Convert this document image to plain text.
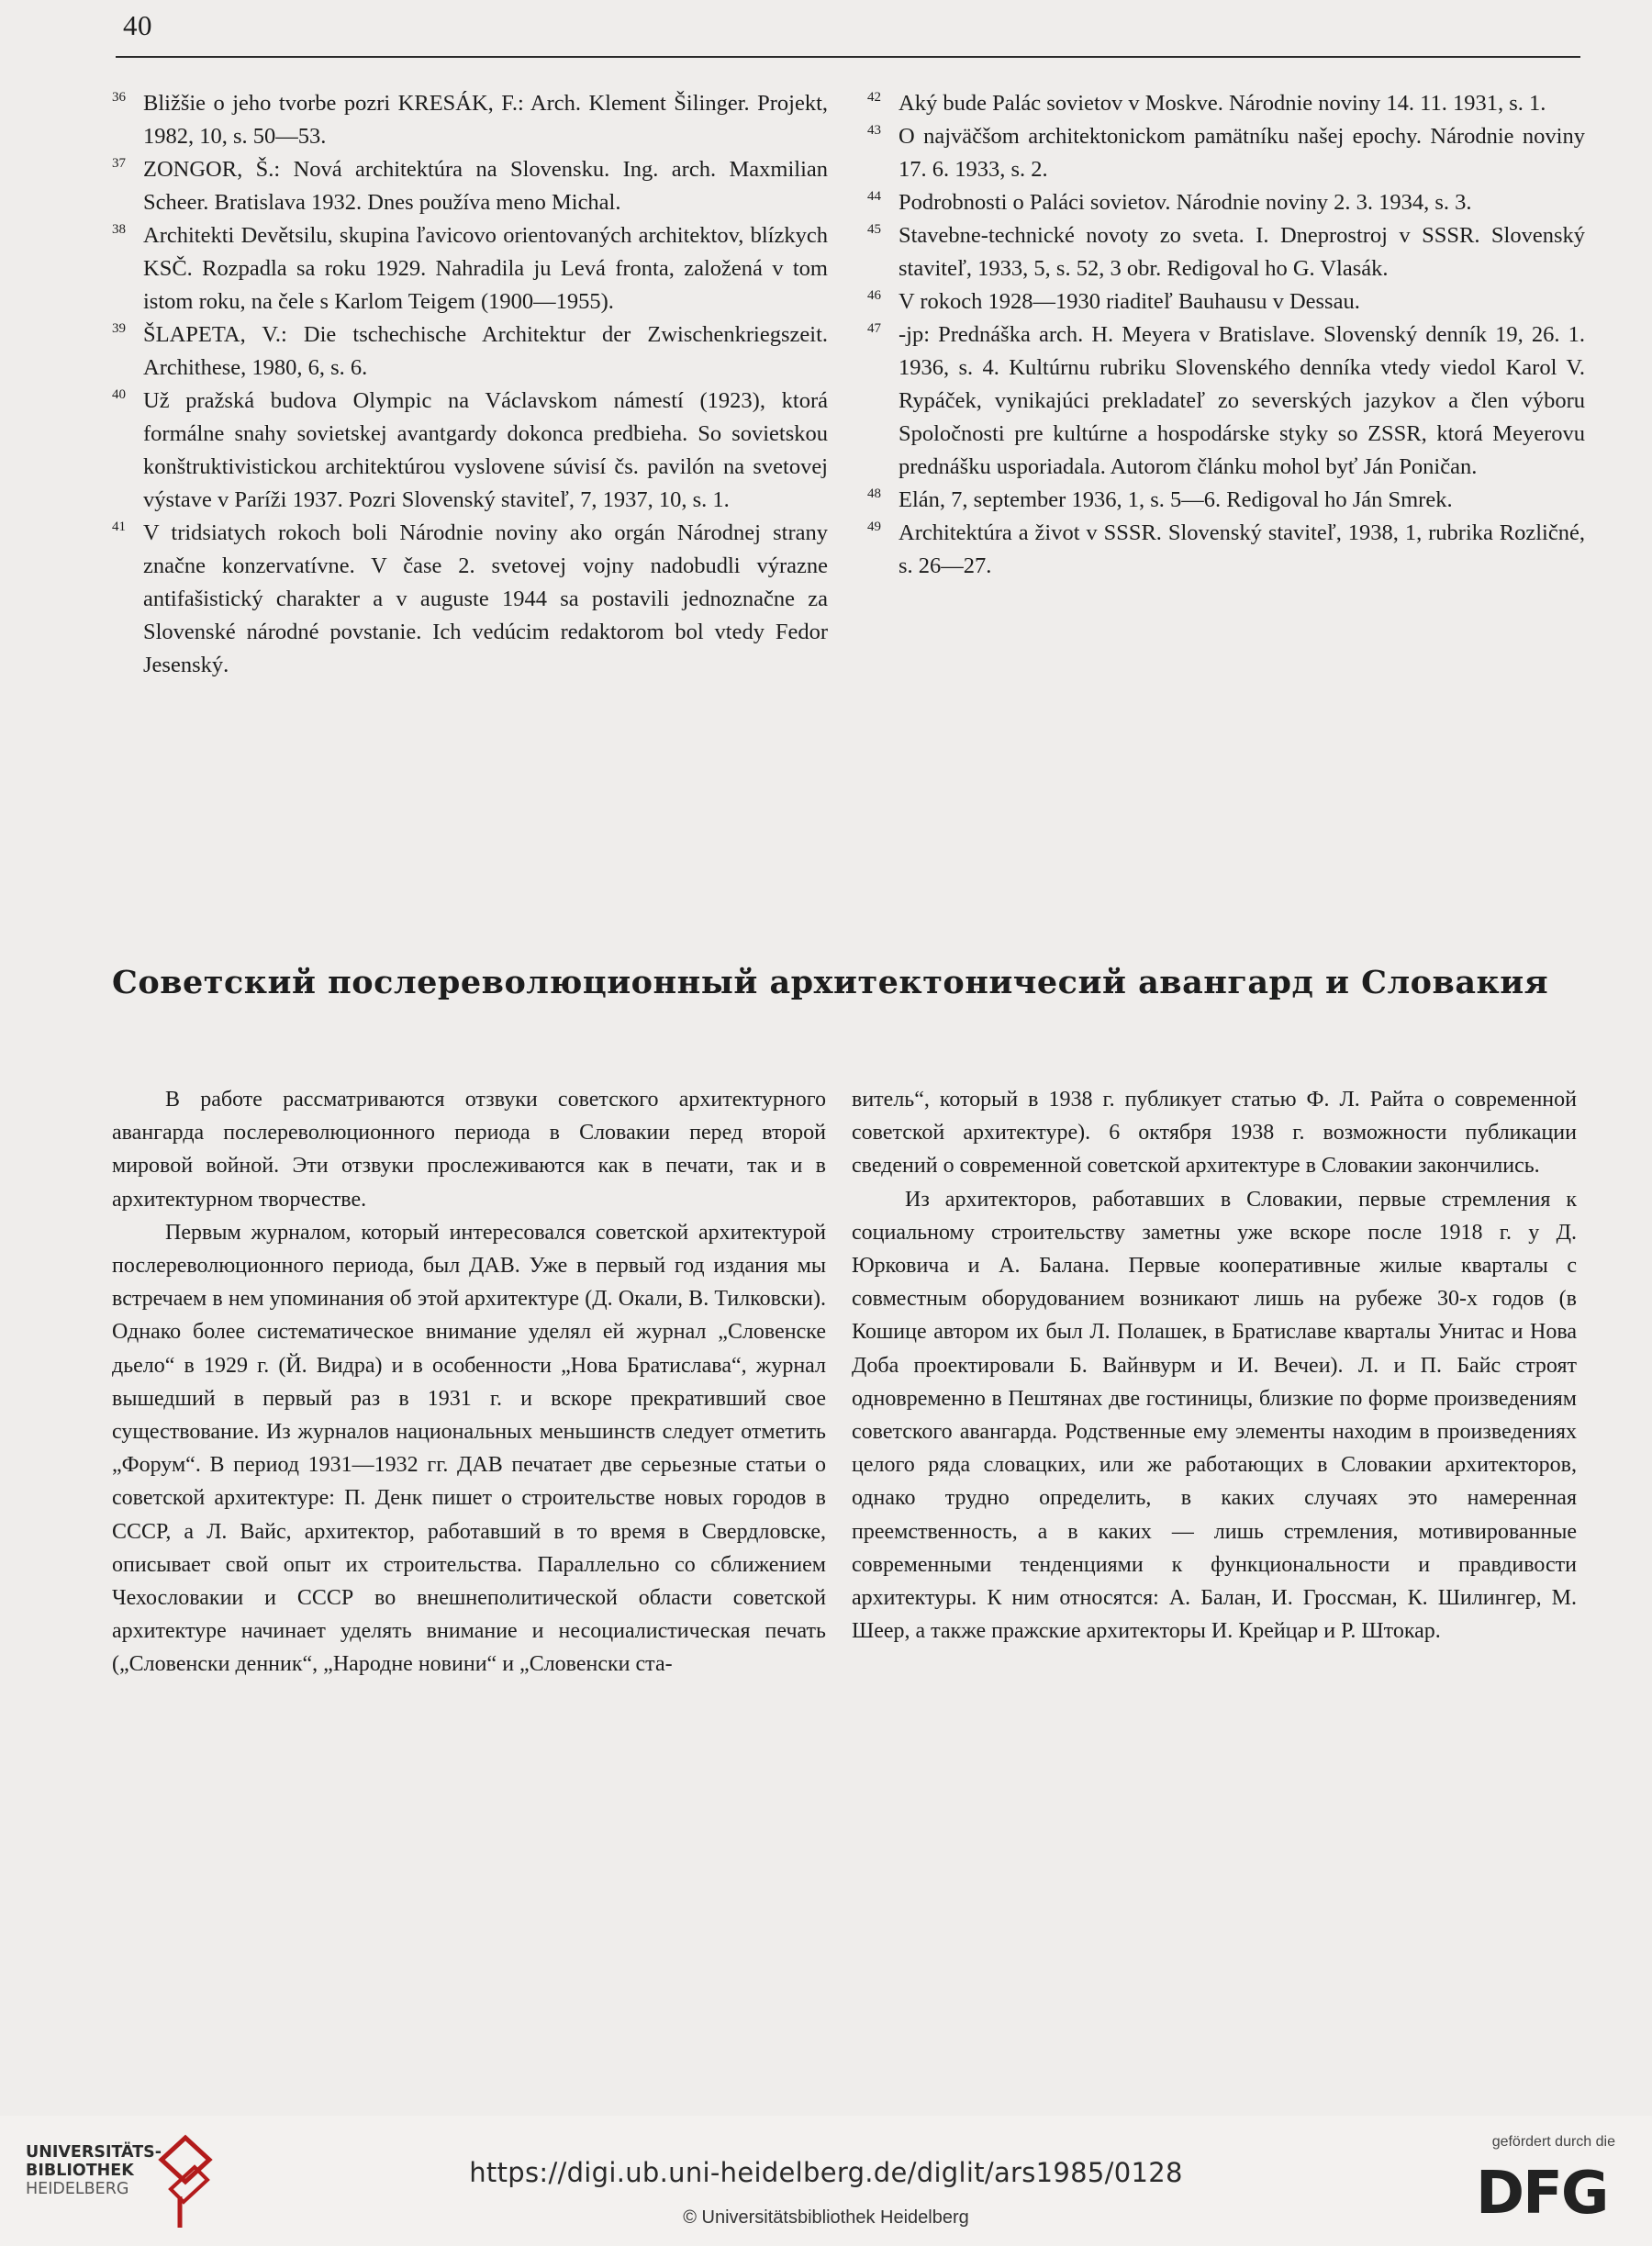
40

36 Bližšie o jeho tvorbe pozri KRESÁK, F.: Arch. Klement Šilinger. Projekt, 1982, 10, s. 50—53.

37 ZONGOR, Š.: Nová architektúra na Slovensku. Ing. arch. Maxmilian Scheer. Bratislava 1932. Dnes používa meno Michal.

38 Architekti Devětsilu, skupina ľavicovo orientovaných architektov, blízkych KSČ. Rozpadla sa roku 1929. Nahradila ju Levá fronta, založená v tom istom roku, na čele s Karlom Teigem (1900—1955).

39 ŠLAPETA, V.: Die tschechische Architektur der Zwischenkriegszeit. Archithese, 1980, 6, s. 6.

40 Už pražská budova Olympic na Václavskom námestí (1923), ktorá formálne snahy sovietskej avantgardy dokonca predbieha. So sovietskou konštruktivistickou architektúrou vyslovene súvisí čs. pavilón na svetovej výstave v Paríži 1937. Pozri Slovenský staviteľ, 7, 1937, 10, s. 1.

41 V tridsiatych rokoch boli Národnie noviny ako orgán Národnej strany značne konzervatívne. V čase 2. svetovej vojny nadobudli výrazne antifašistický charakter a v auguste 1944 sa postavili jednoznačne za Slovenské národné povstanie. Ich vedúcim redaktorom bol vtedy Fedor Jesenský.

42 Aký bude Palác sovietov v Moskve. Národnie noviny 14. 11. 1931, s. 1.

43 O najväčšom architektonickom pamätníku našej epochy. Národnie noviny 17. 6. 1933, s. 2.

44 Podrobnosti o Paláci sovietov. Národnie noviny 2. 3. 1934, s. 3.

45 Stavebne-technické novoty zo sveta. I. Dneprostroj v SSSR. Slovenský staviteľ, 1933, 5, s. 52, 3 obr. Redigoval ho G. Vlasák.

46 V rokoch 1928—1930 riaditeľ Bauhausu v Dessau.

47 -jp: Prednáška arch. H. Meyera v Bratislave. Slovenský denník 19, 26. 1. 1936, s. 4. Kultúrnu rubriku Slovenského denníka vtedy viedol Karol V. Rypáček, vynikajúci prekladateľ zo severských jazykov a člen výboru Spoločnosti pre kultúrne a hospodárske styky so ZSSR, ktorá Meyerovu prednášku usporiadala. Autorom článku mohol byť Ján Poničan.

48 Elán, 7, september 1936, 1, s. 5—6. Redigoval ho Ján Smrek.

49 Architektúra a život v SSSR. Slovenský staviteľ, 1938, 1, rubrika Rozličné, s. 26—27.

Советский послереволюционный архитектоничесий авангард и Словакия

В работе рассматриваются отзвуки советского архитектурного авангарда послереволюционного периода в Словакии перед второй мировой войной. Эти отзвуки прослеживаются как в печати, так и в архитектурном творчестве.

Первым журналом, который интересовался советской архитектурой послереволюционного периода, был ДАВ. Уже в первый год издания мы встречаем в нем упоминания об этой архитектуре (Д. Окали, В. Тилковски). Однако более систематическое внимание уделял ей журнал „Словенске дьело“ в 1929 г. (Й. Видра) и в особенности „Нова Братислава“, журнал вышедший в первый раз в 1931 г. и вскоре прекративший свое существование. Из журналов национальных меньшинств следует отметить „Форум“. В период 1931—1932 гг. ДАВ печатает две серьезные статьи о советской архитектуре: П. Денк пишет о строительстве новых городов в СССР, а Л. Вайс, архитектор, работавший в то время в Свердловске, описывает свой опыт их строительства. Параллельно со сближением Чехословакии и СССР во внешнеполитической области советской архитектуре начинает уделять внимание и несоциалистическая печать („Словенски денник“, „Народне новини“ и „Словенски ста-

витель“, который в 1938 г. публикует статью Ф. Л. Райта о современной советской архитектуре). 6 октября 1938 г. возможности публикации сведений о современной советской архитектуре в Словакии закончились.

Из архитекторов, работавших в Словакии, первые стремления к социальному строительству заметны уже вскоре после 1918 г. у Д. Юрковича и А. Балана. Первые кооперативные жилые кварталы с совместным оборудованием возникают лишь на рубеже 30-х годов (в Кошице автором их был Л. Полашек, в Братиславе кварталы Унитас и Нова Доба проектировали Б. Вайнвурм и И. Вечеи). Л. и П. Байс строят одновременно в Пештянах две гостиницы, близкие по форме произведениям советского авангарда. Родственные ему элементы находим в произведениях целого ряда словацких, или же работающих в Словакии архитекторов, однако трудно определить, в каких случаях это намеренная преемственность, а в каких — лишь стремления, мотивированные современными тенденциями к функциональности и правдивости архитектуры. К ним относятся: А. Балан, И. Гроссман, К. Шилингер, М. Шеер, а также пражские архитекторы И. Крейцар и Р. Штокар.

UNIVERSITÄTS-
BIBLIOTHEK
HEIDELBERG
https://digi.ub.uni-heidelberg.de/diglit/ars1985/0128
© Universitätsbibliothek Heidelberg
gefördert durch die
DFG
